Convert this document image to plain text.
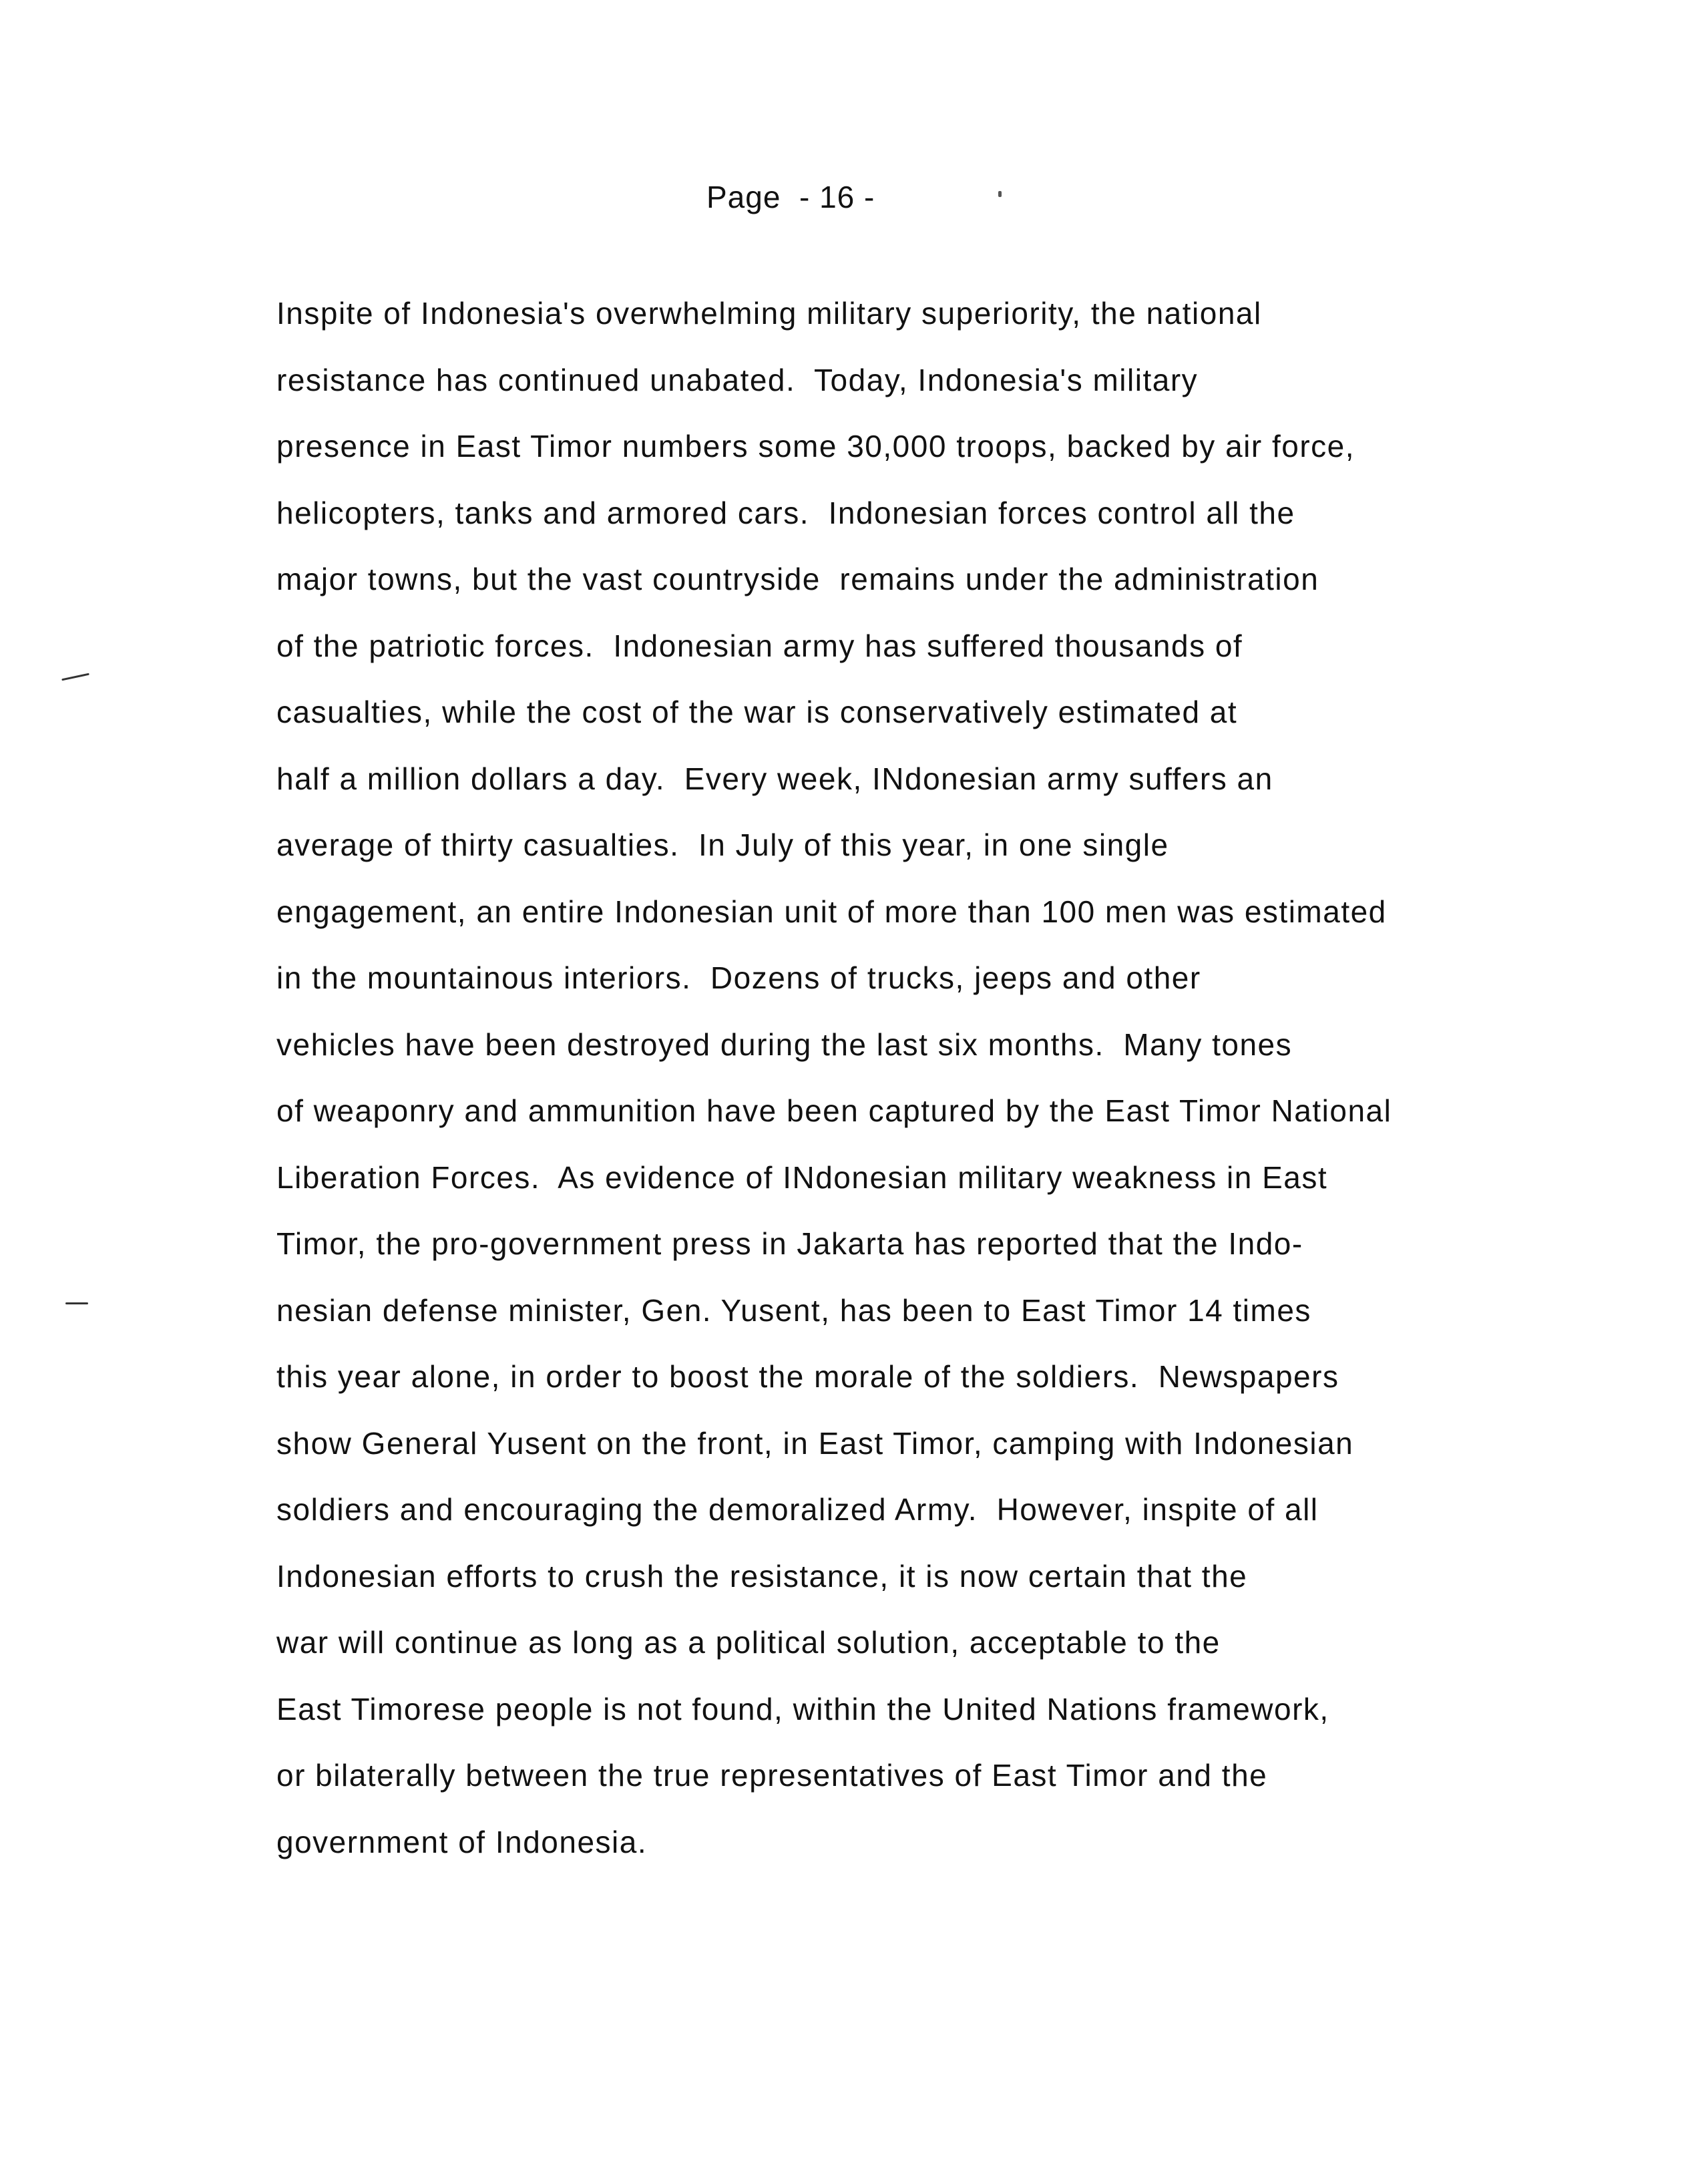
Page  - 16 -
Inspite of Indonesia's overwhelming military superiority, the national
resistance has continued unabated.  Today, Indonesia's military
presence in East Timor numbers some 30,000 troops, backed by air force,
helicopters, tanks and armored cars.  Indonesian forces control all the
major towns, but the vast countryside  remains under the administration
of the patriotic forces.  Indonesian army has suffered thousands of
casualties, while the cost of the war is conservatively estimated at
half a million dollars a day.  Every week, INdonesian army suffers an
average of thirty casualties.  In July of this year, in one single
engagement, an entire Indonesian unit of more than 100 men was estimated
in the mountainous interiors.  Dozens of trucks, jeeps and other
vehicles have been destroyed during the last six months.  Many tones
of weaponry and ammunition have been captured by the East Timor National
Liberation Forces.  As evidence of INdonesian military weakness in East
Timor, the pro-government press in Jakarta has reported that the Indo-
nesian defense minister, Gen. Yusent, has been to East Timor 14 times
this year alone, in order to boost the morale of the soldiers.  Newspapers
show General Yusent on the front, in East Timor, camping with Indonesian
soldiers and encouraging the demoralized Army.  However, inspite of all
Indonesian efforts to crush the resistance, it is now certain that the
war will continue as long as a political solution, acceptable to the
East Timorese people is not found, within the United Nations framework,
or bilaterally between the true representatives of East Timor and the
government of Indonesia.
